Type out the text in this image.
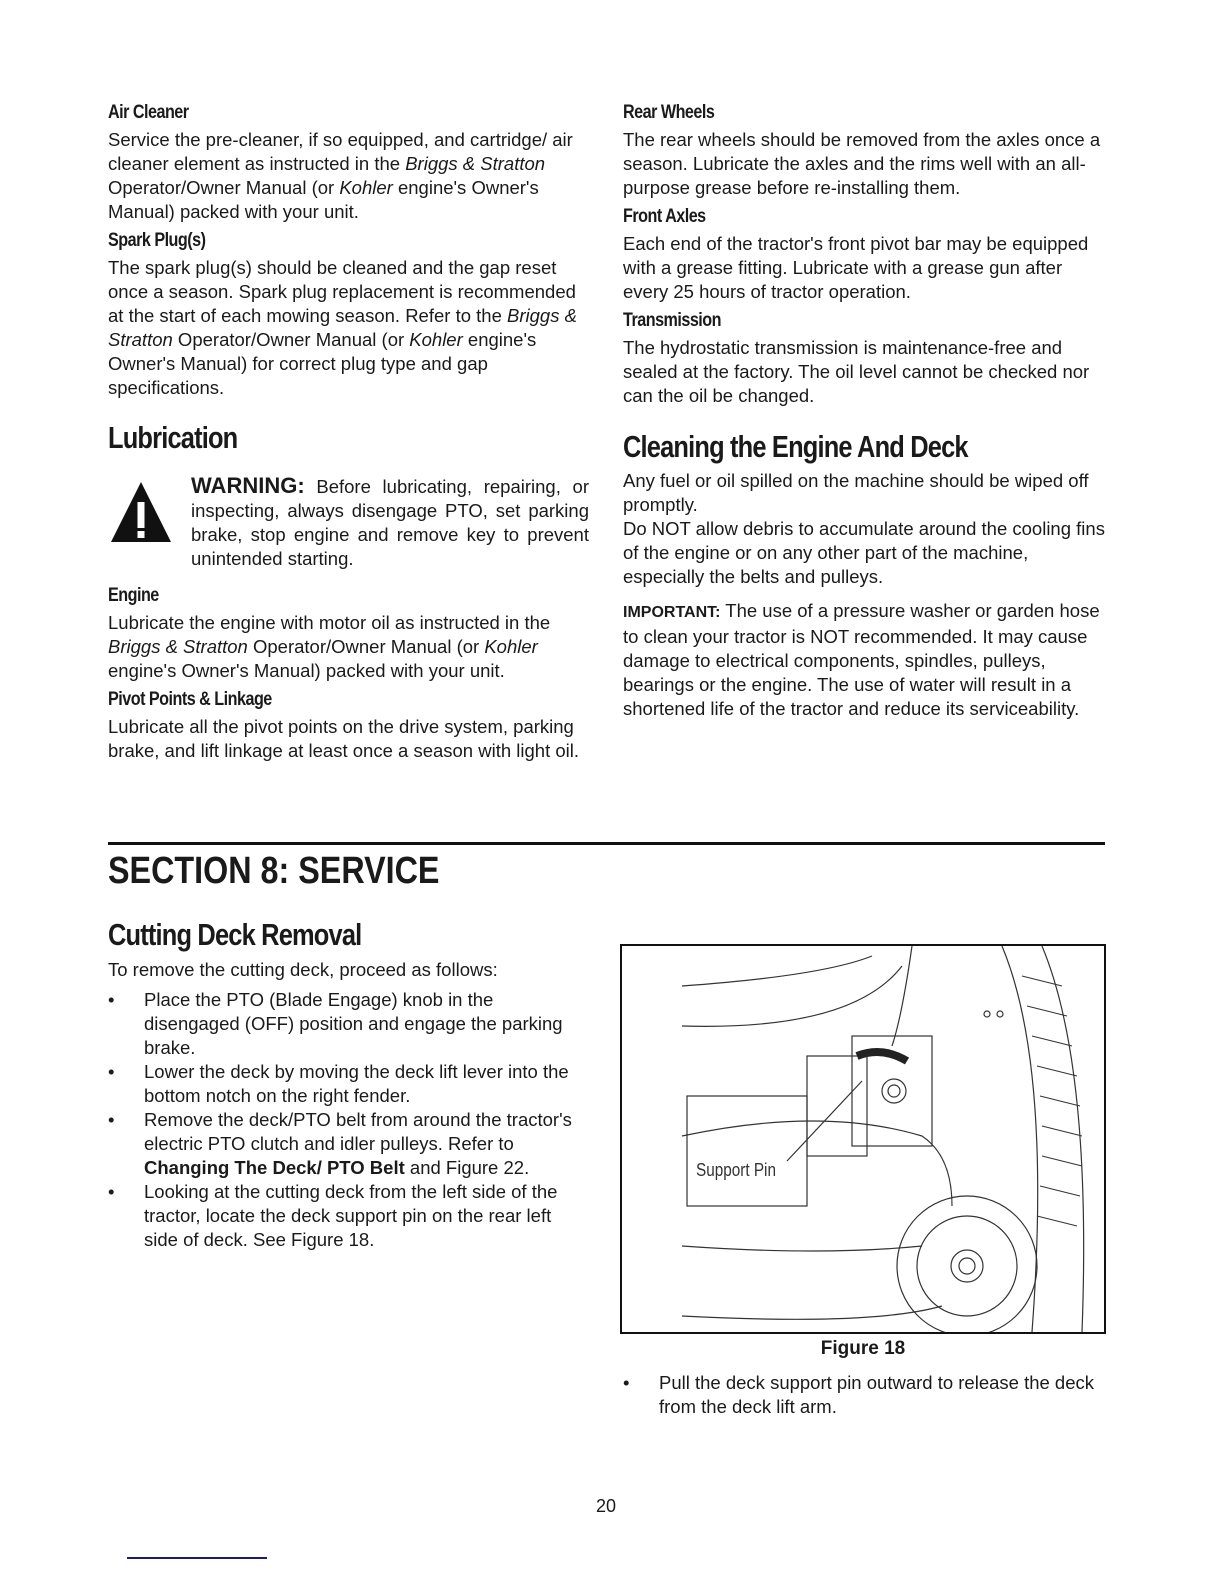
Air Cleaner

Service the pre-cleaner, if so equipped, and cartridge/ air cleaner element as instructed in the Briggs & Stratton Operator/Owner Manual (or Kohler engine's Owner's Manual) packed with your unit.

Spark Plug(s)

The spark plug(s) should be cleaned and the gap reset once a season. Spark plug replacement is recommended at the start of each mowing season. Refer to the Briggs & Stratton Operator/Owner Manual (or Kohler engine's Owner's Manual) for correct plug type and gap specifications.

Lubrication

WARNING: Before lubricating, repairing, or inspecting, always disengage PTO, set parking brake, stop engine and remove key to prevent unintended starting.

Engine

Lubricate the engine with motor oil as instructed in the Briggs & Stratton Operator/Owner Manual (or Kohler engine's Owner's Manual) packed with your unit.

Pivot Points & Linkage

Lubricate all the pivot points on the drive system, parking brake, and lift linkage at least once a season with light oil.

Rear Wheels

The rear wheels should be removed from the axles once a season. Lubricate the axles and the rims well with an all-purpose grease before re-installing them.

Front Axles

Each end of the tractor's front pivot bar may be equipped with a grease fitting. Lubricate with a grease gun after every 25 hours of tractor operation.

Transmission

The hydrostatic transmission is maintenance-free and sealed at the factory. The oil level cannot be checked nor can the oil be changed.

Cleaning the Engine And Deck

Any fuel or oil spilled on the machine should be wiped off promptly.

Do NOT allow debris to accumulate around the cooling fins of the engine or on any other part of the machine, especially the belts and pulleys.

IMPORTANT: The use of a pressure washer or garden hose to clean your tractor is NOT recommended. It may cause damage to electrical components, spindles, pulleys, bearings or the engine. The use of water will result in a shortened life of the tractor and reduce its serviceability.

SECTION 8: SERVICE
Cutting Deck Removal

To remove the cutting deck, proceed as follows:

• Place the PTO (Blade Engage) knob in the disengaged (OFF) position and engage the parking brake.
• Lower the deck by moving the deck lift lever into the bottom notch on the right fender.
• Remove the deck/PTO belt from around the tractor's electric PTO clutch and idler pulleys. Refer to Changing The Deck/ PTO Belt and Figure 22.
• Looking at the cutting deck from the left side of the tractor, locate the deck support pin on the rear left side of deck. See Figure 18.
Support Pin
Figure 18
• Pull the deck support pin outward to release the deck from the deck lift arm.
20
